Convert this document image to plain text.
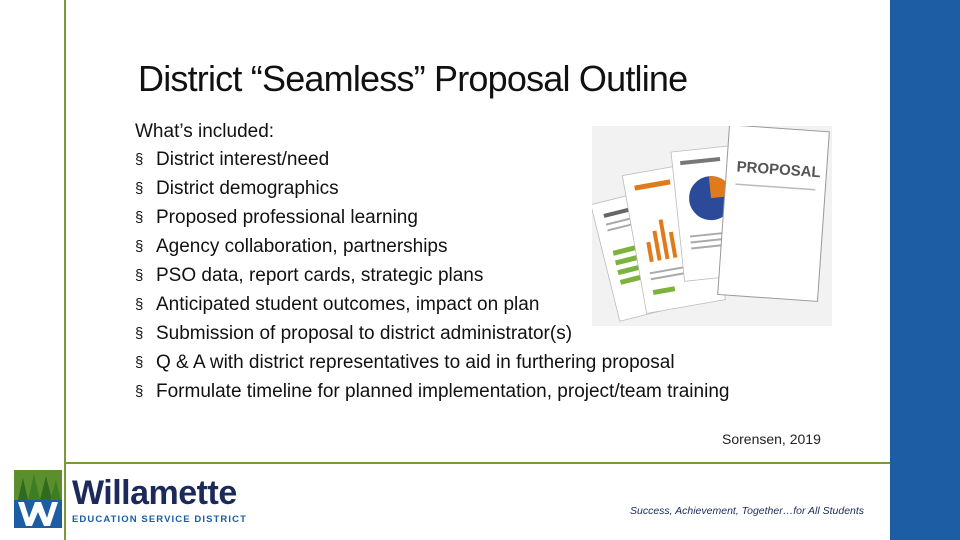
District “Seamless” Proposal Outline
PROPOSAL
What’s included:
§ District interest/need
§ District demographics
§ Proposed professional learning
§ Agency collaboration, partnerships
§ PSO data, report cards, strategic plans
§ Anticipated student outcomes, impact on plan
§ Submission of proposal to district administrator(s)
§ Q & A with district representatives to aid in furthering proposal
§ Formulate timeline for planned implementation, project/team training
Sorensen, 2019
Willamette
EDUCATION SERVICE DISTRICT
Success, Achievement, Together…for All Students
